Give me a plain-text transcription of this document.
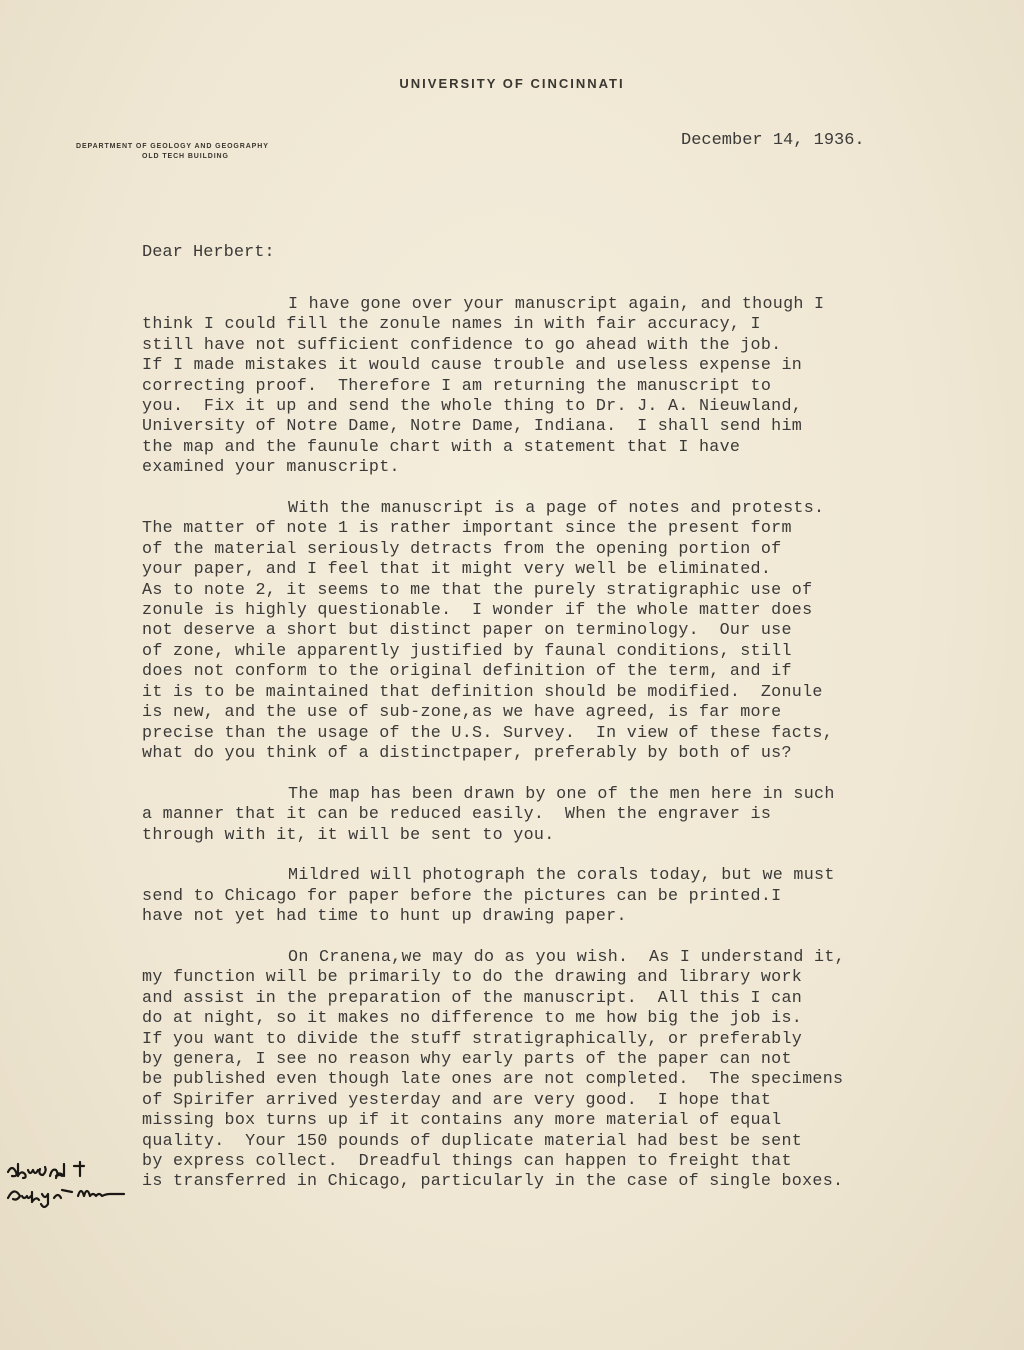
UNIVERSITY OF CINCINNATI
DEPARTMENT OF GEOLOGY AND GEOGRAPHY
OLD TECH BUILDING
December 14, 1936.
Dear Herbert:
I have gone over your manuscript again, and though I
think I could fill the zonule names in with fair accuracy, I
still have not sufficient confidence to go ahead with the job.
If I made mistakes it would cause trouble and useless expense in
correcting proof.  Therefore I am returning the manuscript to
you.  Fix it up and send the whole thing to Dr. J. A. Nieuwland,
University of Notre Dame, Notre Dame, Indiana.  I shall send him
the map and the faunule chart with a statement that I have
examined your manuscript.
With the manuscript is a page of notes and protests.
The matter of note 1 is rather important since the present form
of the material seriously detracts from the opening portion of
your paper, and I feel that it might very well be eliminated.
As to note 2, it seems to me that the purely stratigraphic use of
zonule is highly questionable.  I wonder if the whole matter does
not deserve a short but distinct paper on terminology.  Our use
of zone, while apparently justified by faunal conditions, still
does not conform to the original definition of the term, and if
it is to be maintained that definition should be modified.  Zonule
is new, and the use of sub-zone,as we have agreed, is far more
precise than the usage of the U.S. Survey.  In view of these facts,
what do you think of a distinctpaper, preferably by both of us?
The map has been drawn by one of the men here in such
a manner that it can be reduced easily.  When the engraver is
through with it, it will be sent to you.
Mildred will photograph the corals today, but we must
send to Chicago for paper before the pictures can be printed.I
have not yet had time to hunt up drawing paper.
On Cranena,we may do as you wish.  As I understand it,
my function will be primarily to do the drawing and library work
and assist in the preparation of the manuscript.  All this I can
do at night, so it makes no difference to me how big the job is.
If you want to divide the stuff stratigraphically, or preferably
by genera, I see no reason why early parts of the paper can not
be published even though late ones are not completed.  The specimens
of Spirifer arrived yesterday and are very good.  I hope that
missing box turns up if it contains any more material of equal
quality.  Your 150 pounds of duplicate material had best be sent
by express collect.  Dreadful things can happen to freight that
is transferred in Chicago, particularly in the case of single boxes.
